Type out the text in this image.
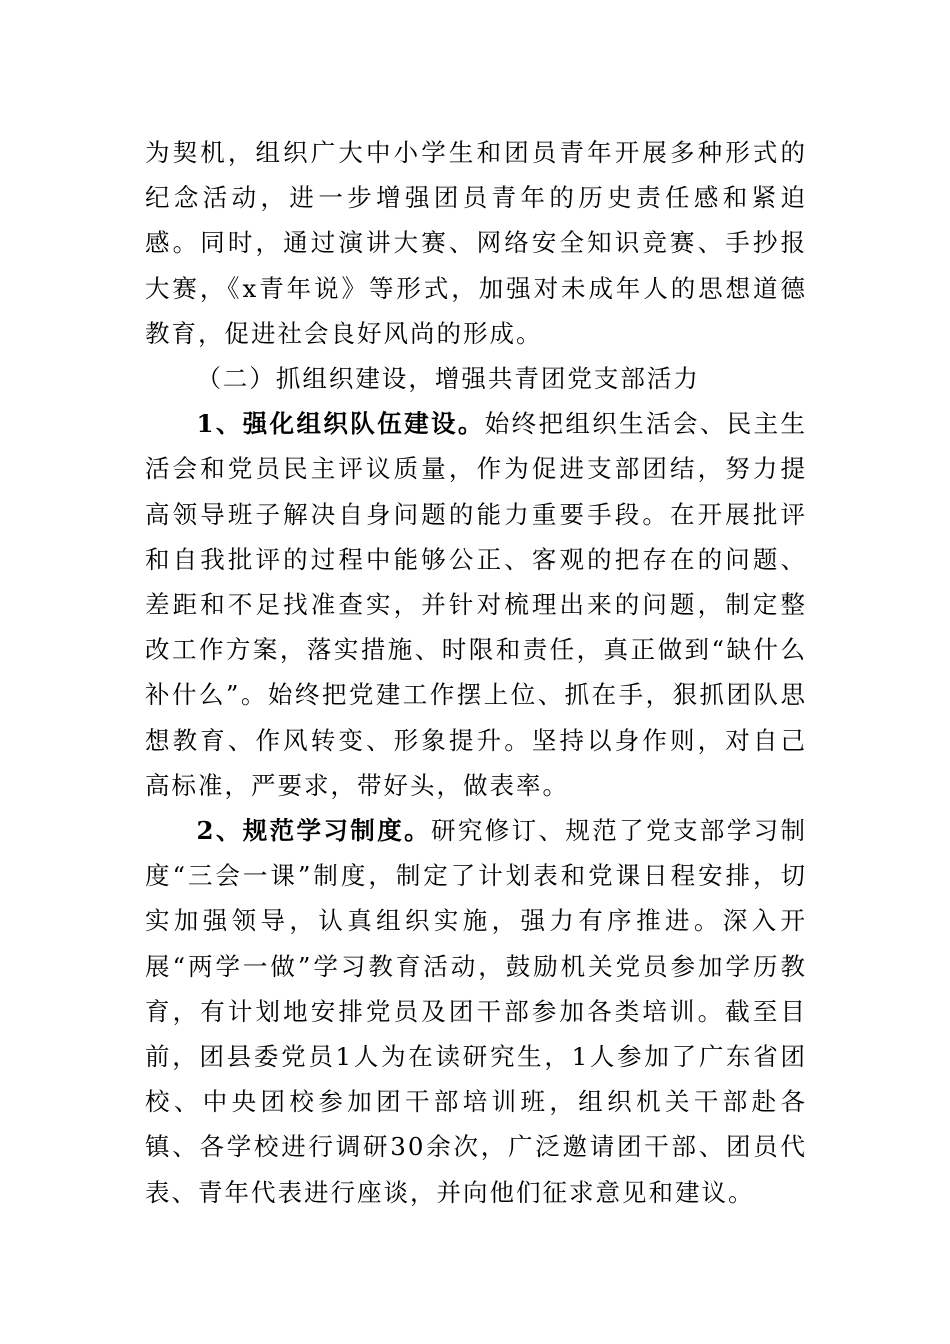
为契机，组织广大中小学生和团员青年开展多种形式的纪念活动，进一步增强团员青年的历史责任感和紧迫感。同时，通过演讲大赛、网络安全知识竞赛、手抄报大赛，《x青年说》等形式，加强对未成年人的思想道德教育，促进社会良好风尚的形成。

（二）抓组织建设，增强共青团党支部活力

1、强化组织队伍建设。始终把组织生活会、民主生活会和党员民主评议质量，作为促进支部团结，努力提高领导班子解决自身问题的能力重要手段。在开展批评和自我批评的过程中能够公正、客观的把存在的问题、差距和不足找准查实，并针对梳理出来的问题，制定整改工作方案，落实措施、时限和责任，真正做到“缺什么补什么”。始终把党建工作摆上位、抓在手，狠抓团队思想教育、作风转变、形象提升。坚持以身作则，对自己高标准，严要求，带好头，做表率。

2、规范学习制度。研究修订、规范了党支部学习制度“三会一课”制度，制定了计划表和党课日程安排，切实加强领导，认真组织实施，强力有序推进。深入开展“两学一做”学习教育活动，鼓励机关党员参加学历教育，有计划地安排党员及团干部参加各类培训。截至目前，团县委党员1人为在读研究生，1人参加了广东省团校、中央团校参加团干部培训班，组织机关干部赴各镇、各学校进行调研30余次，广泛邀请团干部、团员代表、青年代表进行座谈，并向他们征求意见和建议。
